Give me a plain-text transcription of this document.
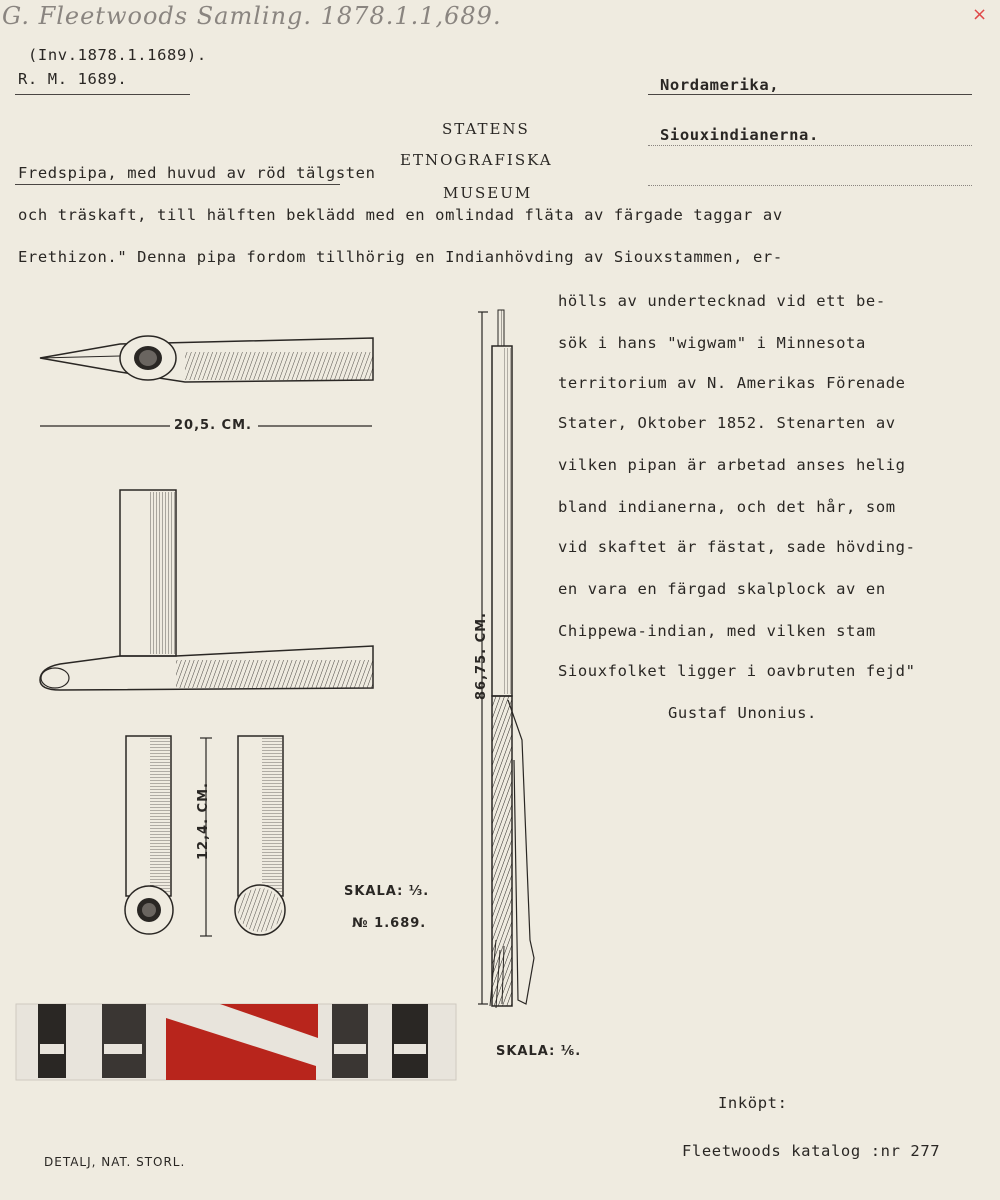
G. Fleetwoods Samling. 1878.1.1,689.	×
(Inv.1878.1.1689).
R. M. 1689.	Nordamerika,
Siouxindianerna.
STATENS
ETNOGRAFISKA
MUSEUM
Fredspipa, med huvud av röd tälgsten
och träskaft, till hälften beklädd med en omlindad fläta av färgade taggar av
Erethizon." Denna pipa fordom tillhörig en Indianhövding av Siouxstammen, er-
hölls av undertecknad vid ett be-
sök i hans "wigwam" i Minnesota
territorium av N. Amerikas Förenade
Stater, Oktober 1852. Stenarten av
vilken pipan är arbetad anses helig
bland indianerna, och det hår, som
vid skaftet är fästat, sade hövding-
en vara en färgad skalplock av en
Chippewa-indian, med vilken stam
Siouxfolket ligger i oavbruten fejd"
Gustaf Unonius.
20,5. CM.
12,4. CM.
86,75. CM.
SKALA: ⅓.
№ 1.689.
SKALA: ⅙.
DETALJ, NAT. STORL.
Inköpt:
Fleetwoods katalog :nr 277
